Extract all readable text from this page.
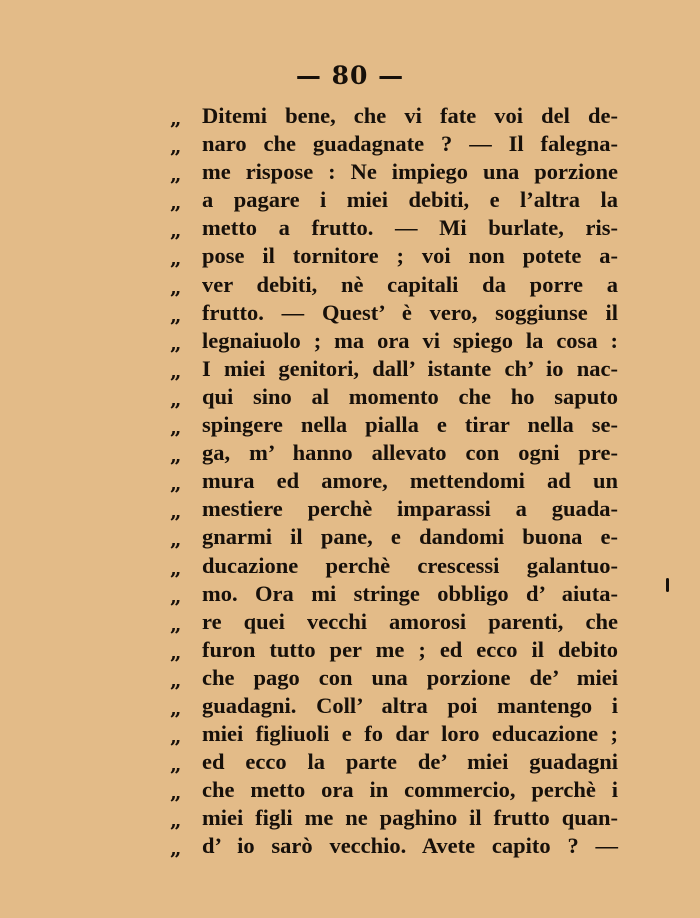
— 80 —
„ Ditemi bene, che vi fate voi del de-
„ naro che guadagnate ? — Il falegna-
„ me rispose : Ne impiego una porzione
„ a pagare i miei debiti, e l’altra la
„ metto a frutto. — Mi burlate, ris-
„ pose il tornitore ; voi non potete a-
„ ver debiti, nè capitali da porre a
„ frutto. — Quest’ è vero, soggiunse il
„ legnaiuolo ; ma ora vi spiego la cosa :
„ I miei genitori, dall’ istante ch’ io nac-
„ qui sino al momento che ho saputo
„ spingere nella pialla e tirar nella se-
„ ga, m’ hanno allevato con ogni pre-
„ mura ed amore, mettendomi ad un
„ mestiere perchè imparassi a guada-
„ gnarmi il pane, e dandomi buona e-
„ ducazione perchè crescessi galantuo-
„ mo. Ora mi stringe obbligo d’ aiuta-
„ re quei vecchi amorosi parenti, che
„ furon tutto per me ; ed ecco il debito
„ che pago con una porzione de’ miei
„ guadagni. Coll’ altra poi mantengo i
„ miei figliuoli e fo dar loro educazione ;
„ ed ecco la parte de’ miei guadagni
„ che metto ora in commercio, perchè i
„ miei figli me ne paghino il frutto quan-
„ d’ io sarò vecchio. Avete capito ? —
